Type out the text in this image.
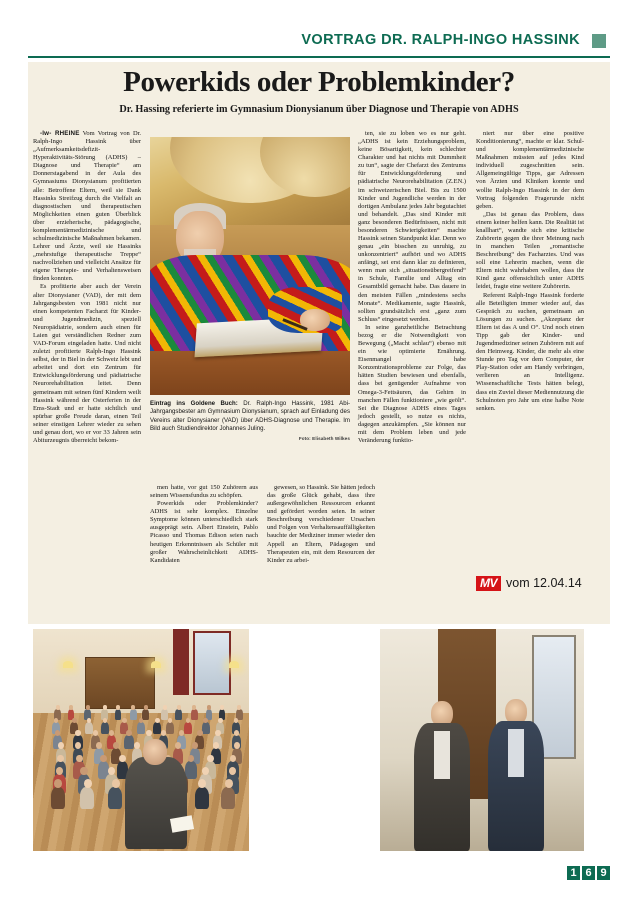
VORTRAG DR. RALPH-INGO HASSINK
Powerkids oder Problemkinder?
Dr. Hassing referierte im Gymnasium Dionysianum über Diagnose und Therapie von ADHS

-lw- RHEINE Vom Vortrag von Dr. Ralph-Ingo Hassink über „Aufmerksamkeitsdefizit-Hyperaktivitäts-Störung (ADHS) – Diagnose und Therapie“ am Donnerstagabend in der Aula des Gymnasiums Dionysianum profitierten alle: Betroffene Eltern, weil sie Dank Hassinks Streifzug durch die Vielfalt an diagnostischen und therapeutischen Möglichkeiten einen guten Überblick über erzieherische, pädagogische, komplementärmedizinische und schulmedizinische Maßnahmen bekamen. Lehrer und Ärzte, weil sie Hassinks „mehrstufige therapeutische Treppe“ nachvollziehen und vielleicht Ansätze für eigene Therapie- und Verhaltensweisen finden konnten.

Es profitierte aber auch der Verein alter Dionysianer (VAD), der mit dem Jahrgangsbesten von 1981 nicht nur einen kompetenten Facharzt für Kinder- und Jugendmedizin, speziell Neuropädiatrie, sondern auch einen für Laien gut verständlichen Redner zum VAD-Forum eingeladen hatte. Und nicht zuletzt profitierte Ralph-Ingo Hassink selbst, der in Biel in der Schweiz lebt und arbeitet und dort ein Zentrum für Entwicklungsförderung und pädiatrische Neurorehabilitation leitet. Denn gemeinsam mit seinen fünf Kindern weilt Hassink während der Osterferien in der Ems-Stadt und er hatte sichtlich und spürbar große Freude daran, einen Teil seiner einstigen Lehrer wieder zu sehen und genau dort, wo er vor 33 Jahren sein Abiturzeugnis überreicht bekom-

Eintrag ins Goldene Buch: Dr. Ralph-Ingo Hassink, 1981 Abi-Jahrgangsbester am Gymnasium Dionysianum, sprach auf Einladung des Vereins alter Dionysianer (VAD) über ADHS-Diagnose und Therapie. Im Bild auch Studiendirektor Johannes Juling.
Foto: Elisabeth Wilkes

men hatte, vor gut 150 Zuhörern aus seinem Wissensfundus zu schöpfen.

Powerkids oder Problemkinder? ADHS ist sehr komplex. Einzelne Symptome können unterschiedlich stark ausgeprägt sein. Albert Einstein, Pablo Picasso und Thomas Edison seien nach heutigen Erkenntnissen als Schüler mit großer Wahrscheinlichkeit ADHS-Kandidaten

gewesen, so Hassink. Sie hätten jedoch das große Glück gehabt, dass ihre außergewöhnlichen Ressourcen erkannt und gefördert worden seien. In seiner Beschreibung verschiedener Ursachen und Folgen von Verhaltensauffälligkeiten bauchte der Mediziner immer wieder den Appell an Eltern, Pädagogen und Therapeuten ein, mit dem Resourcen der Kinder zu arbei-

ten, sie zu loben wo es nur geht. „ADHS ist kein Erziehungsproblem, keine Bösartigkeit, kein schlechter Charakter und hat nichts mit Dummheit zu tun“, sagte der Chefarzt des Zentrums für Entwicklungsförderung und pädiatrische Neurorehabilitation (Z.EN.) im schweizerischen Biel. Bis zu 1500 Kinder und Jugendliche werden in der dortigen Ambulanz jedes Jahr begutachtet und behandelt. „Das sind Kinder mit ganz besonderen Bedürfnissen, nicht mit besonderen Schwierigkeiten“ machte Hassink seinen Standpunkt klar. Denn wo genau „ein bisschen zu unruhig, zu unkonzentriert“ aufhört und wo ADHS anfängt, sei erst dann klar zu definieren, wenn man sich „situationsübergreifend“ in Schule, Familie und Alltag ein Gesamtbild gemacht habe. Das dauere in den meisten Fällen „mindestens sechs Monate“. Medikamente, sagte Hassink, sollten grundsätzlich erst „ganz zum Schluss“ eingesetzt werden.

In seine ganzheitliche Betrachtung bezog er die Notwendigkeit von Bewegung („Macht schlau“) ebenso mit ein wie optimierte Ernährung. Eisenmangel habe Konzentrationsprobleme zur Folge, das hätten Studien bewiesen und ebenfalls, dass bei genügender Aufnahme von Omega-3-Fettsäuren, das Gehirn in manchen Fällen funktioniere „wie geölt“. Sei die Diagnose ADHS eines Tages jedoch gestellt, so nutze es nichts, dagegen anzukämpfen. „Sie können nur mit dem Problem leben und jede Veränderung funktio-

niert nur über eine positive Konditionierung“, machte er klar. Schul- und komplementärmedizinische Maßnahmen müssten auf jedes Kind individuell zugeschnitten sein. Allgemeingültige Tipps, gar Adressen von Ärzten und Kliniken konnte und wollte Ralph-Ingo Hassink in der dem Vortrag folgenden Fragerunde nicht geben.

„Das ist genau das Problem, dass einem keiner helfen kann. Die Realität ist knallhart“, wandte sich eine kritische Zuhörerin gegen die ihrer Meinung nach in manchen Teilen „romantische Beschreibung“ des Facharztes. Und was soll eine Lehrerin machen, wenn die Eltern nicht wahrhaben wollen, dass ihr Kind ganz offensichtlich unter ADHS leidet, fragte eine weitere Zuhörerin.

Referent Ralph-Ingo Hassink forderte alle Beteiligten immer wieder auf, das Gespräch zu suchen, gemeinsam an Lösungen zu suchen. „Akzeptanz der Eltern ist das A und O“. Und noch einen Tipp gab der Kinder- und Jugendmediziner seinen Zuhörern mit auf den Heimweg. Kinder, die mehr als eine Stunde pro Tag vor dem Computer, der Play-Station oder am Handy verbringen, verlieren an Intelligenz. Wissenschaftliche Tests hätten belegt, dass ein Zuviel dieser Mediennutzung die Schulnoten pro Jahr um eine halbe Note senken.

MV vom 12.04.14
1 6 9
